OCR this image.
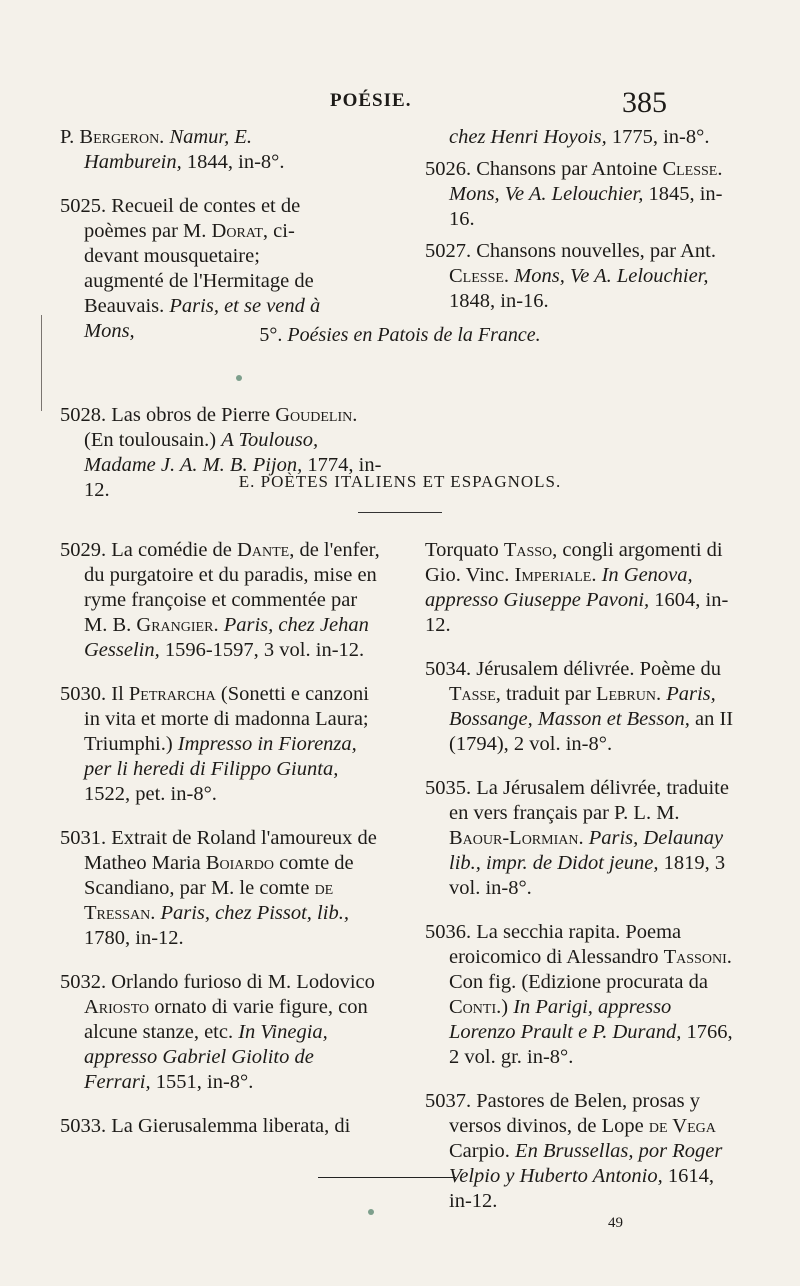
POÉSIE.	385

P. Bergeron. Namur, E. Hamburein, 1844, in-8°.

5025. Recueil de contes et de poèmes par M. Dorat, ci-devant mousquetaire; augmenté de l'Hermitage de Beauvais. Paris, et se vend à Mons,

chez Henri Hoyois, 1775, in-8°.

5026. Chansons par Antoine Clesse. Mons, Ve A. Lelouchier, 1845, in-16.

5027. Chansons nouvelles, par Ant. Clesse. Mons, Ve A. Lelouchier, 1848, in-16.

5°. Poésies en Patois de la France.

5028. Las obros de Pierre Goudelin. (En toulousain.) A Toulouso, Madame J. A. M. B. Pijon, 1774, in-12.	E. POÈTES ITALIENS ET ESPAGNOLS.

5029. La comédie de Dante, de l'enfer, du purgatoire et du paradis, mise en ryme françoise et commentée par M. B. Grangier. Paris, chez Jehan Gesselin, 1596-1597, 3 vol. in-12.

5030. Il Petrarcha (Sonetti e canzoni in vita et morte di madonna Laura; Triumphi.) Impresso in Fiorenza, per li heredi di Filippo Giunta, 1522, pet. in-8°.

5031. Extrait de Roland l'amoureux de Matheo Maria Boiardo comte de Scandiano, par M. le comte de Tressan. Paris, chez Pissot, lib., 1780, in-12.

5032. Orlando furioso di M. Lodovico Ariosto ornato di varie figure, con alcune stanze, etc. In Vinegia, appresso Gabriel Giolito de Ferrari, 1551, in-8°.

5033. La Gierusalemma liberata, di

Torquato Tasso, congli argomenti di Gio. Vinc. Imperiale. In Genova, appresso Giuseppe Pavoni, 1604, in-12.

5034. Jérusalem délivrée. Poème du Tasse, traduit par Lebrun. Paris, Bossange, Masson et Besson, an II (1794), 2 vol. in-8°.

5035. La Jérusalem délivrée, traduite en vers français par P. L. M. Baour-Lormian. Paris, Delaunay lib., impr. de Didot jeune, 1819, 3 vol. in-8°.

5036. La secchia rapita. Poema eroicomico di Alessandro Tassoni. Con fig. (Edizione procurata da Conti.) In Parigi, appresso Lorenzo Prault e P. Durand, 1766, 2 vol. gr. in-8°.

5037. Pastores de Belen, prosas y versos divinos, de Lope de Vega Carpio. En Brussellas, por Roger Velpio y Huberto Antonio, 1614, in-12.

49
